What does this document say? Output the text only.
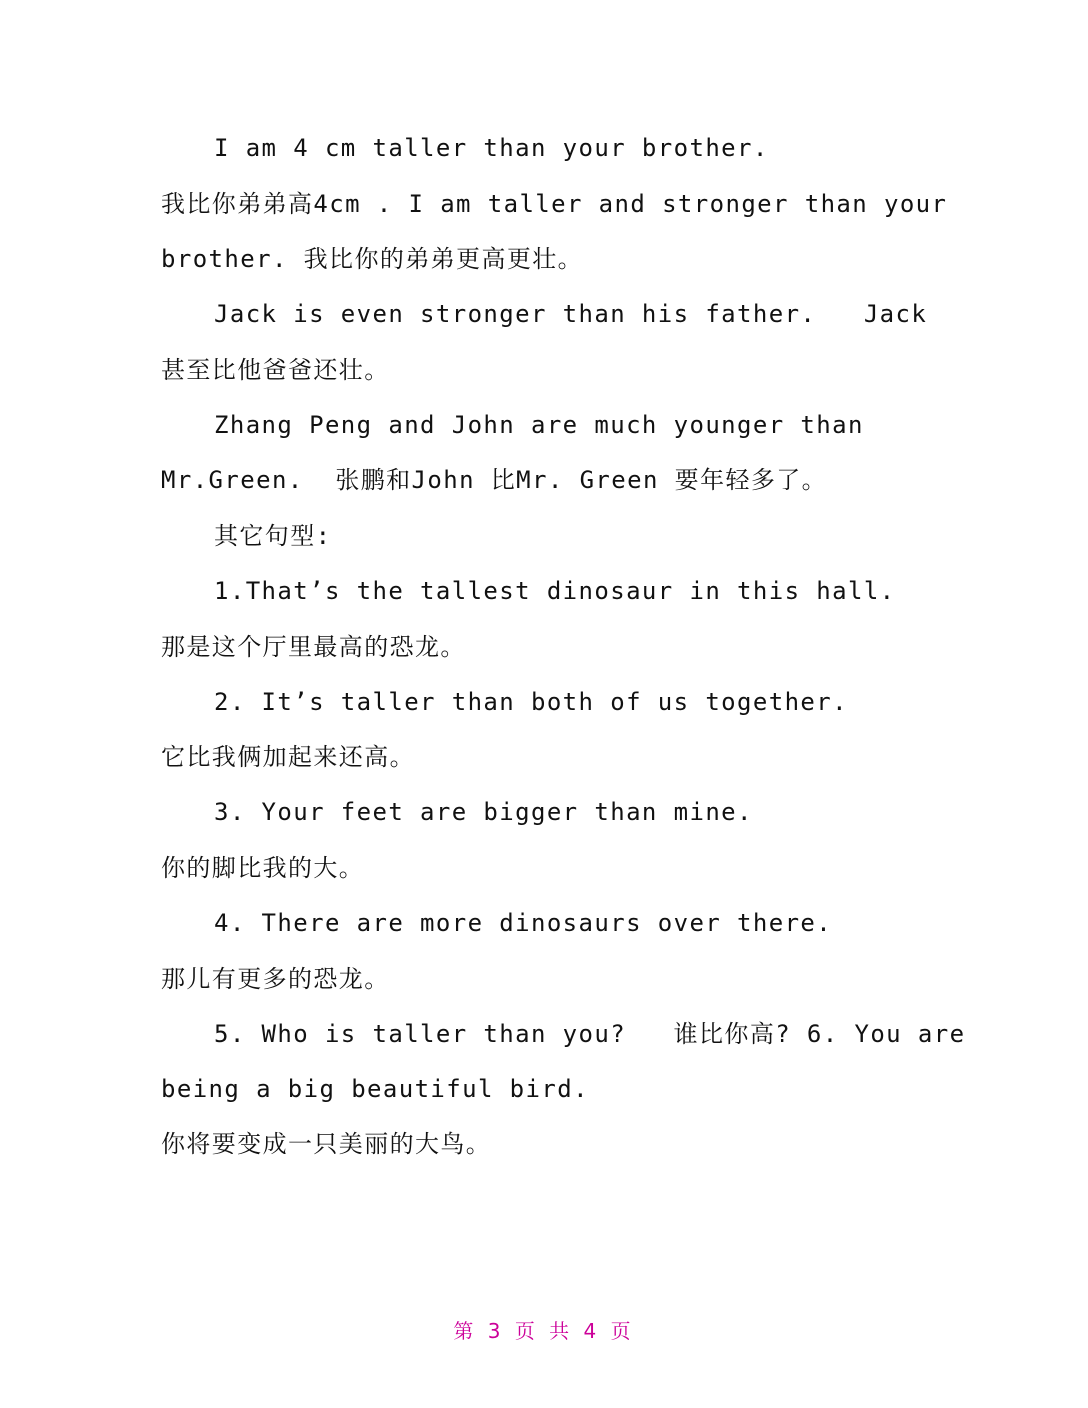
I am 4 cm taller than your brother.
我比你弟弟高4cm . I am taller and stronger than your
brother. 我比你的弟弟更高更壮。
Jack is even stronger than his father.   Jack
甚至比他爸爸还壮。
Zhang Peng and John are much younger than
Mr.Green.  张鹏和John 比Mr. Green 要年轻多了。
其它句型:
1.That’s the tallest dinosaur in this hall.
那是这个厅里最高的恐龙。
2. It’s taller than both of us together.
它比我俩加起来还高。
3. Your feet are bigger than mine.
你的脚比我的大。
4. There are more dinosaurs over there.
那儿有更多的恐龙。
5. Who is taller than you?   谁比你高? 6. You are
being a big beautiful bird.
你将要变成一只美丽的大鸟。
第 3 页 共 4 页
